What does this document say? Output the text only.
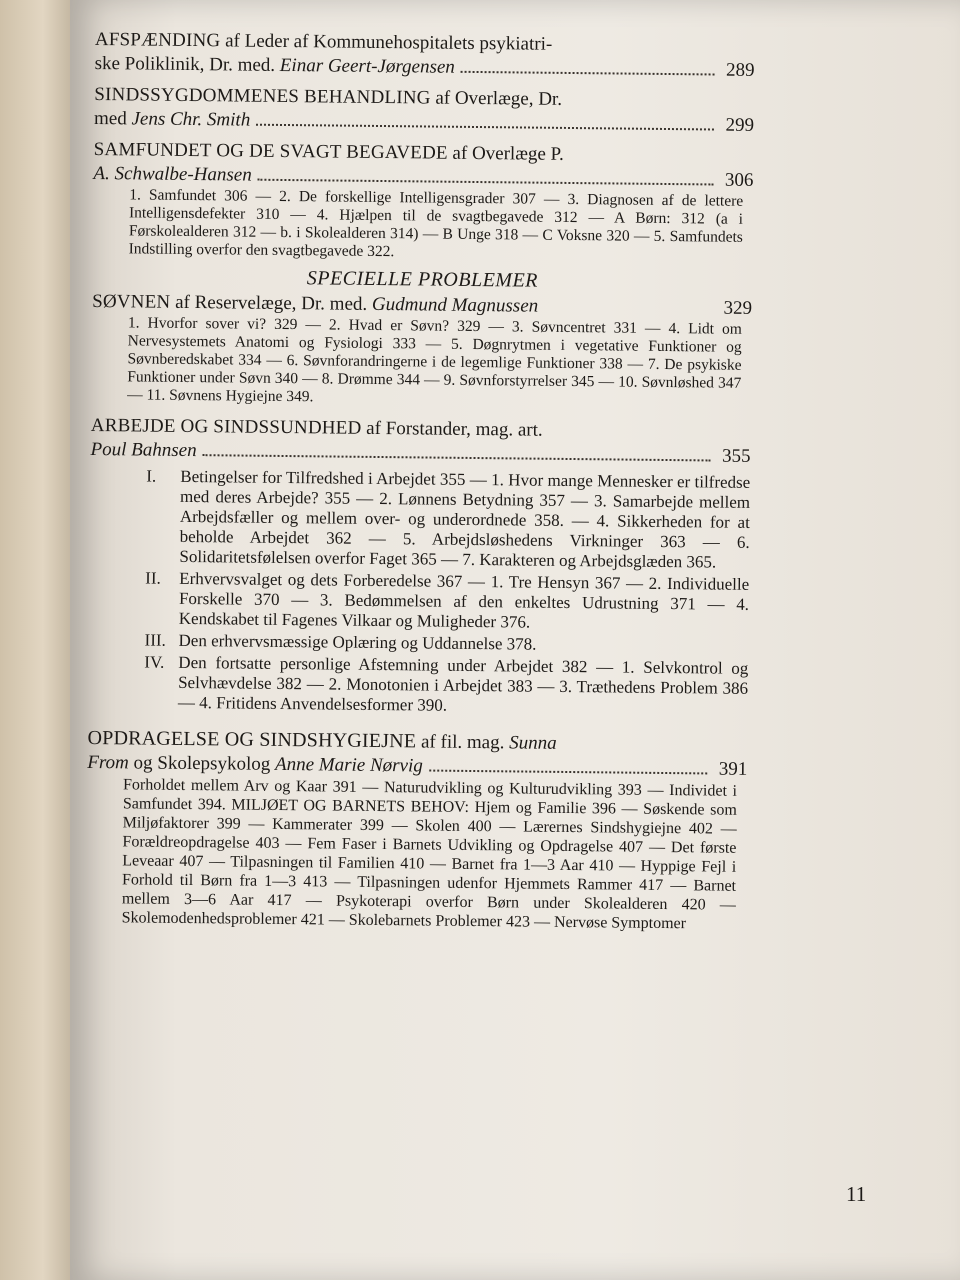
AFSPÆNDING
af Leder af Kommunehospitalets psykiatri-
ske Poliklinik, Dr. med.
Einar Geert-Jørgensen	289
SINDSSYGDOMMENES BEHANDLING
af Overlæge, Dr.
med
Jens Chr. Smith	299
SAMFUNDET OG DE SVAGT BEGAVEDE
af Overlæge P.
A. Schwalbe-Hansen	306
1. Samfundet 306 — 2. De forskellige Intelligensgrader 307 — 3. Diagnosen af de lettere Intelligensdefekter 310 — 4. Hjælpen til de svagtbegavede 312 — A Børn: 312 (a i Førskolealderen 312 — b. i Skolealderen 314) — B Unge 318 — C Voksne 320 — 5. Samfundets Indstilling overfor den svagtbegavede 322.
SPECIELLE PROBLEMER
SØVNEN
af Reservelæge, Dr. med.
Gudmund Magnussen	329
1. Hvorfor sover vi? 329 — 2. Hvad er Søvn? 329 — 3. Søvncentret 331 — 4. Lidt om Nervesystemets Anatomi og Fysiologi 333 — 5. Døgnrytmen i vegetative Funktioner og Søvnberedskabet 334 — 6. Søvnforandringerne i de legemlige Funktioner 338 — 7. De psykiske Funktioner under Søvn 340 — 8. Drømme 344 — 9. Søvnforstyrrelser 345 — 10. Søvnløshed 347 — 11. Søvnens Hygiejne 349.
ARBEJDE OG SINDSSUNDHED
af Forstander, mag. art.
Poul Bahnsen	355
I.	Betingelser for Tilfredshed i Arbejdet 355 — 1. Hvor mange Mennesker er tilfredse med deres Arbejde? 355 — 2. Lønnens Betydning 357 — 3. Samarbejde mellem Arbejdsfæller og mellem over- og underordnede 358. — 4. Sikkerheden for at beholde Arbejdet 362 — 5. Arbejdsløshedens Virkninger 363 — 6. Solidaritetsfølelsen overfor Faget 365 — 7. Karakteren og Arbejdsglæden 365.
II.	Erhvervsvalget og dets Forberedelse 367 — 1. Tre Hensyn 367 — 2. Individuelle Forskelle 370 — 3. Bedømmelsen af den enkeltes Udrustning 371 — 4. Kendskabet til Fagenes Vilkaar og Muligheder 376.
III. Den erhvervsmæssige Oplæring og Uddannelse 378.
IV. Den fortsatte personlige Afstemning under Arbejdet 382 — 1. Selvkontrol og Selvhævdelse 382 — 2. Monotonien i Arbejdet 383 — 3. Træthedens Problem 386 — 4. Fritidens Anvendelsesformer 390.
OPDRAGELSE OG SINDSHYGIEJNE
af fil. mag.
Sunna
From
og Skolepsykolog
Anne Marie Nørvig	391
Forholdet mellem Arv og Kaar 391 — Naturudvikling og Kulturudvikling 393 — Individet i Samfundet 394. MILJØET OG BARNETS BEHOV: Hjem og Familie 396 — Søskende som Miljøfaktorer 399 — Kammerater 399 — Skolen 400 — Lærernes Sindshygiejne 402 — Forældreopdragelse 403 — Fem Faser i Barnets Udvikling og Opdragelse 407 — Det første Leveaar 407 — Tilpasningen til Familien 410 — Barnet fra 1—3 Aar 410 — Hyppige Fejl i Forhold til Børn fra 1—3 413 — Tilpasningen udenfor Hjemmets Rammer 417 — Barnet mellem 3—6 Aar 417 — Psykoterapi overfor Børn under Skolealderen 420 — Skolemodenhedsproblemer 421 — Skolebarnets Problemer 423 — Nervøse Symptomer
11
